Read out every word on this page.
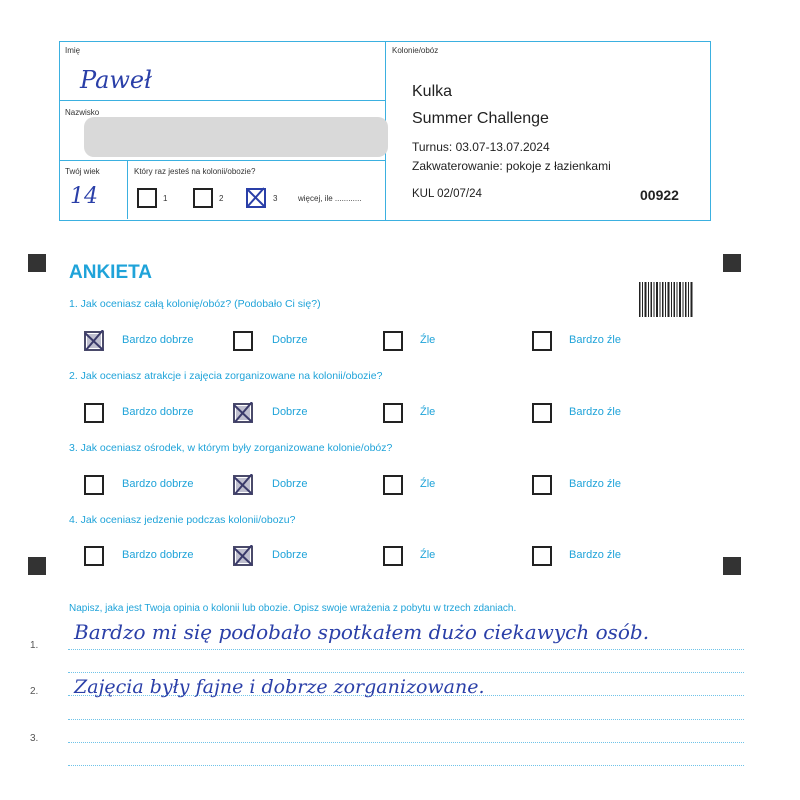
Imię
Paweł
Nazwisko
Twój wiek
14
Który raz jesteś na kolonii/obozie?
1	2	3	więcej, ile ............
Kolonie/obóz
Kulka
Summer Challenge
Turnus: 03.07-13.07.2024
Zakwaterowanie: pokoje z łazienkami
KUL 02/07/24	00922
ANKIETA
1. Jak oceniasz całą kolonię/obóz? (Podobało Ci się?)
Bardzo dobrze	Dobrze	Źle	Bardzo źle
2. Jak oceniasz atrakcje i zajęcia zorganizowane na kolonii/obozie?
Bardzo dobrze	Dobrze	Źle	Bardzo źle
3. Jak oceniasz ośrodek, w którym były zorganizowane kolonie/obóz?
Bardzo dobrze	Dobrze	Źle	Bardzo źle
4. Jak oceniasz jedzenie podczas kolonii/obozu?
Bardzo dobrze	Dobrze	Źle	Bardzo źle
Napisz, jaka jest Twoja opinia o kolonii lub obozie. Opisz swoje wrażenia z pobytu w trzech zdaniach.
1.
2.
3.
Bardzo mi się podobało spotkałem dużo ciekawych osób.
Zajęcia były fajne i dobrze zorganizowane.
